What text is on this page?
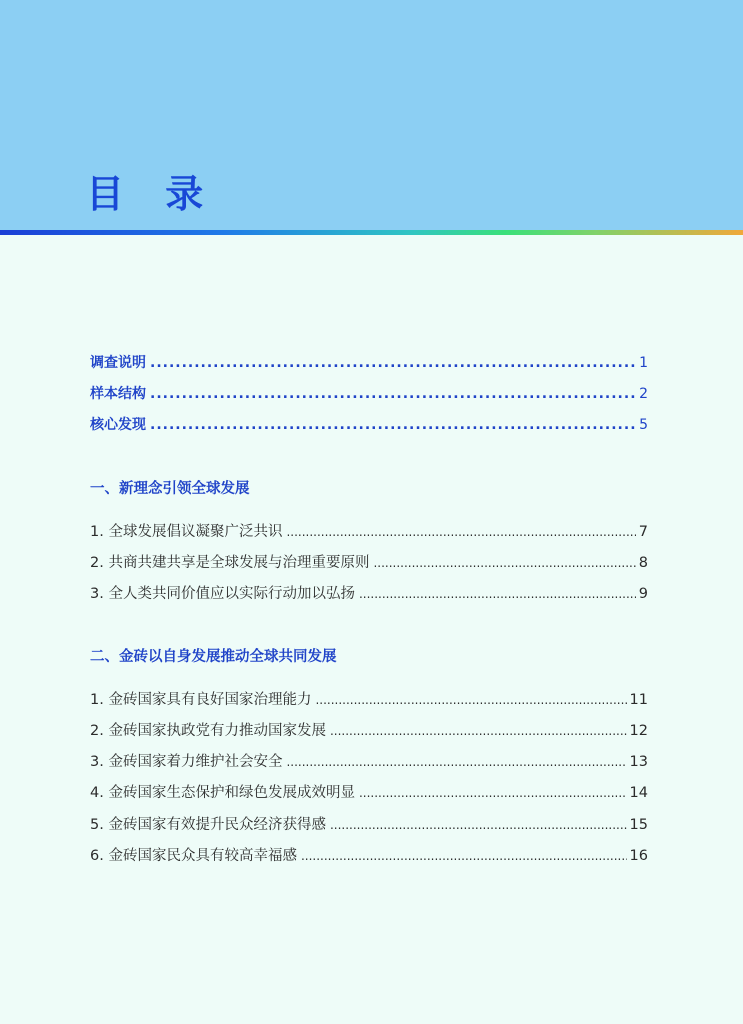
目 录
调查说明 .....	1
样本结构 .....	2
核心发现 .....	5
一、新理念引领全球发展
1. 全球发展倡议凝聚广泛共识 .....	7
2. 共商共建共享是全球发展与治理重要原则 .....	8
3. 全人类共同价值应以实际行动加以弘扬 .....	9
二、金砖以自身发展推动全球共同发展
1. 金砖国家具有良好国家治理能力 .....	11
2. 金砖国家执政党有力推动国家发展 .....	12
3. 金砖国家着力维护社会安全 .....	13
4. 金砖国家生态保护和绿色发展成效明显 .....	14
5. 金砖国家有效提升民众经济获得感 .....	15
6. 金砖国家民众具有较高幸福感 .....	16
